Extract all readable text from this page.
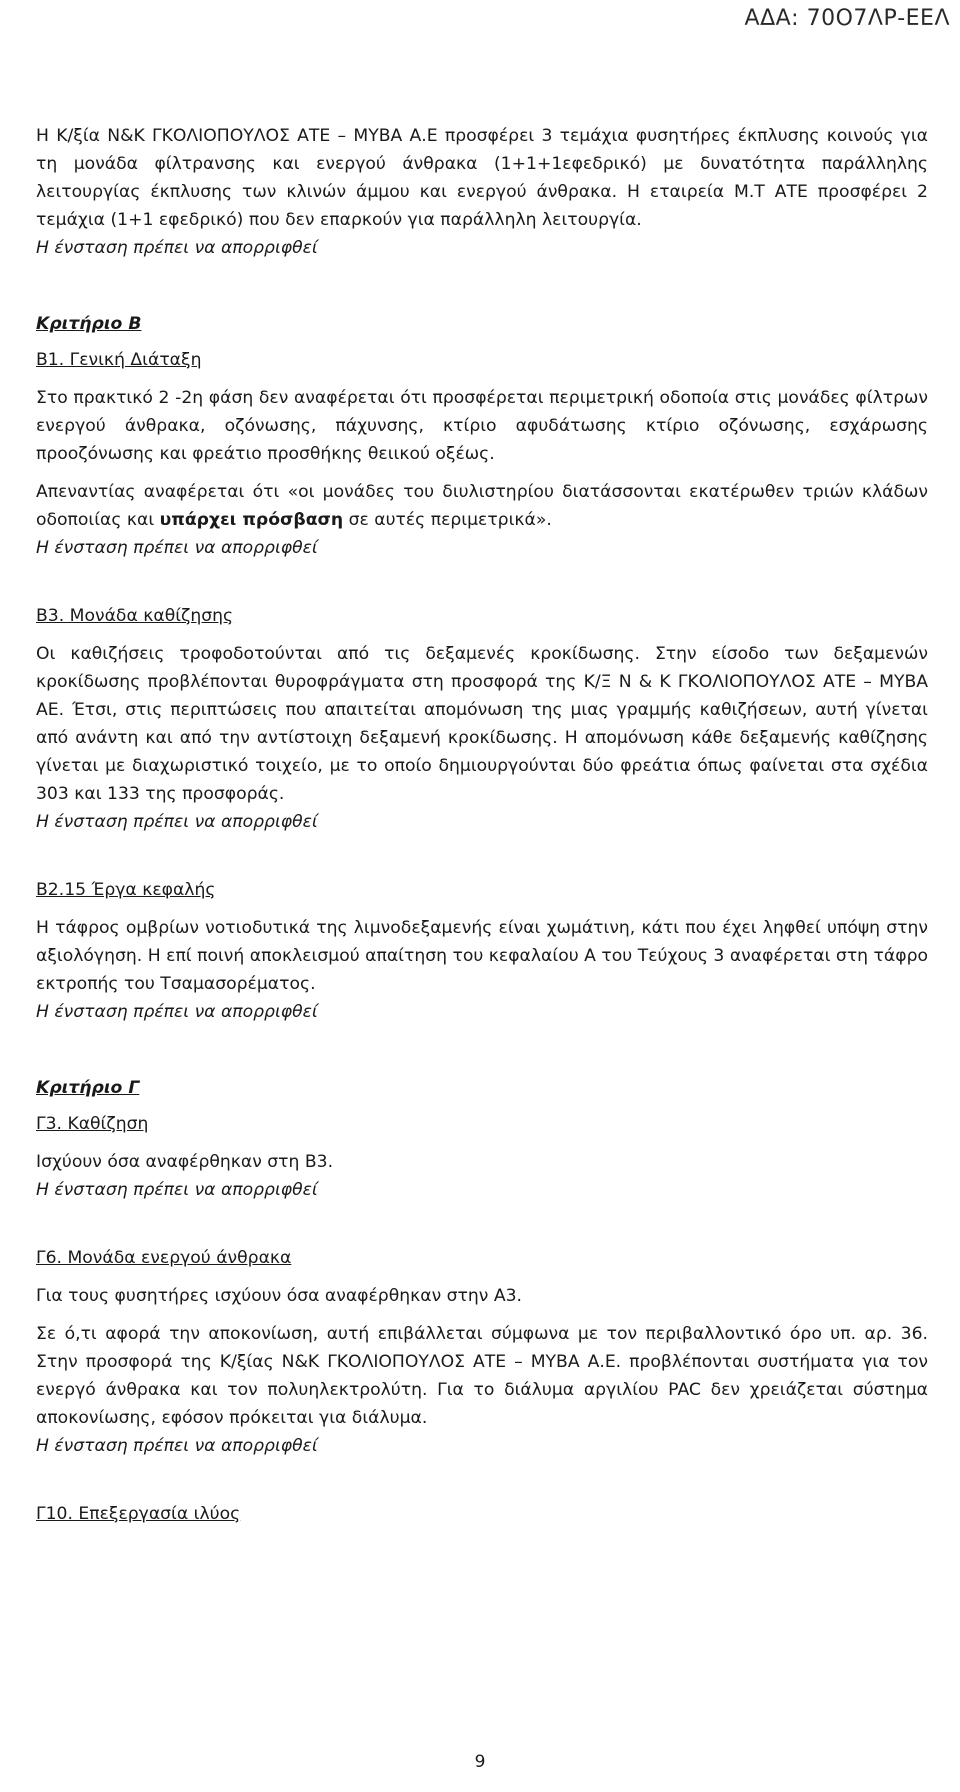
ΑΔΑ: 70Ο7ΛΡ-ΕΕΛ

Η Κ/ξία Ν&Κ ΓΚΟΛΙΟΠΟΥΛΟΣ ΑΤΕ – ΜΥΒΑ Α.Ε προσφέρει 3 τεμάχια φυσητήρες έκπλυσης κοινούς για τη μονάδα φίλτρανσης και ενεργού άνθρακα (1+1+1εφεδρικό) με δυνατότητα παράλληλης λειτουργίας έκπλυσης των κλινών άμμου και ενεργού άνθρακα. Η εταιρεία Μ.Τ ΑΤΕ προσφέρει 2 τεμάχια (1+1 εφεδρικό) που δεν επαρκούν για παράλληλη λειτουργία.

Η ένσταση πρέπει να απορριφθεί

Κριτήριο Β

Β1. Γενική Διάταξη

Στο πρακτικό 2 -2η φάση δεν αναφέρεται ότι προσφέρεται περιμετρική οδοποία στις μονάδες φίλτρων ενεργού άνθρακα, οζόνωσης, πάχυνσης, κτίριο αφυδάτωσης κτίριο οζόνωσης, εσχάρωσης προοζόνωσης και φρεάτιο προσθήκης θειικού οξέως.

Απεναντίας αναφέρεται ότι «οι μονάδες του διυλιστηρίου διατάσσονται εκατέρωθεν τριών κλάδων οδοποιίας και υπάρχει πρόσβαση σε αυτές περιμετρικά».

Η ένσταση πρέπει να απορριφθεί

Β3. Μονάδα καθίζησης

Οι καθιζήσεις τροφοδοτούνται από τις δεξαμενές κροκίδωσης. Στην είσοδο των δεξαμενών κροκίδωσης προβλέπονται θυροφράγματα στη προσφορά της Κ/Ξ Ν & Κ ΓΚΟΛΙΟΠΟΥΛΟΣ ΑΤΕ – ΜΥΒΑ ΑΕ. Έτσι, στις περιπτώσεις που απαιτείται απομόνωση της μιας γραμμής καθιζήσεων, αυτή γίνεται από ανάντη και από την αντίστοιχη δεξαμενή κροκίδωσης. Η απομόνωση κάθε δεξαμενής καθίζησης γίνεται με διαχωριστικό τοιχείο, με το οποίο δημιουργούνται δύο φρεάτια όπως φαίνεται στα σχέδια 303 και 133 της προσφοράς.

Η ένσταση πρέπει να απορριφθεί

Β2.15 Έργα κεφαλής

Η τάφρος ομβρίων νοτιοδυτικά της λιμνοδεξαμενής είναι χωμάτινη, κάτι που έχει ληφθεί υπόψη στην αξιολόγηση. Η επί ποινή αποκλεισμού απαίτηση του κεφαλαίου Α του Τεύχους 3 αναφέρεται στη τάφρο εκτροπής του Τσαμασορέματος.

Η ένσταση πρέπει να απορριφθεί

Κριτήριο Γ

Γ3. Καθίζηση

Ισχύουν όσα αναφέρθηκαν στη Β3.

Η ένσταση πρέπει να απορριφθεί

Γ6. Μονάδα ενεργού άνθρακα

Για τους φυσητήρες ισχύουν όσα αναφέρθηκαν στην Α3.

Σε ό,τι αφορά την αποκονίωση, αυτή επιβάλλεται σύμφωνα με τον περιβαλλοντικό όρο υπ. αρ. 36. Στην προσφορά της Κ/ξίας Ν&Κ ΓΚΟΛΙΟΠΟΥΛΟΣ ΑΤΕ – ΜΥΒΑ Α.Ε. προβλέπονται συστήματα για τον ενεργό άνθρακα και τον πολυηλεκτρολύτη. Για το διάλυμα αργιλίου PAC δεν χρειάζεται σύστημα αποκονίωσης, εφόσον πρόκειται για διάλυμα.

Η ένσταση πρέπει να απορριφθεί

Γ10. Επεξεργασία ιλύος

9
